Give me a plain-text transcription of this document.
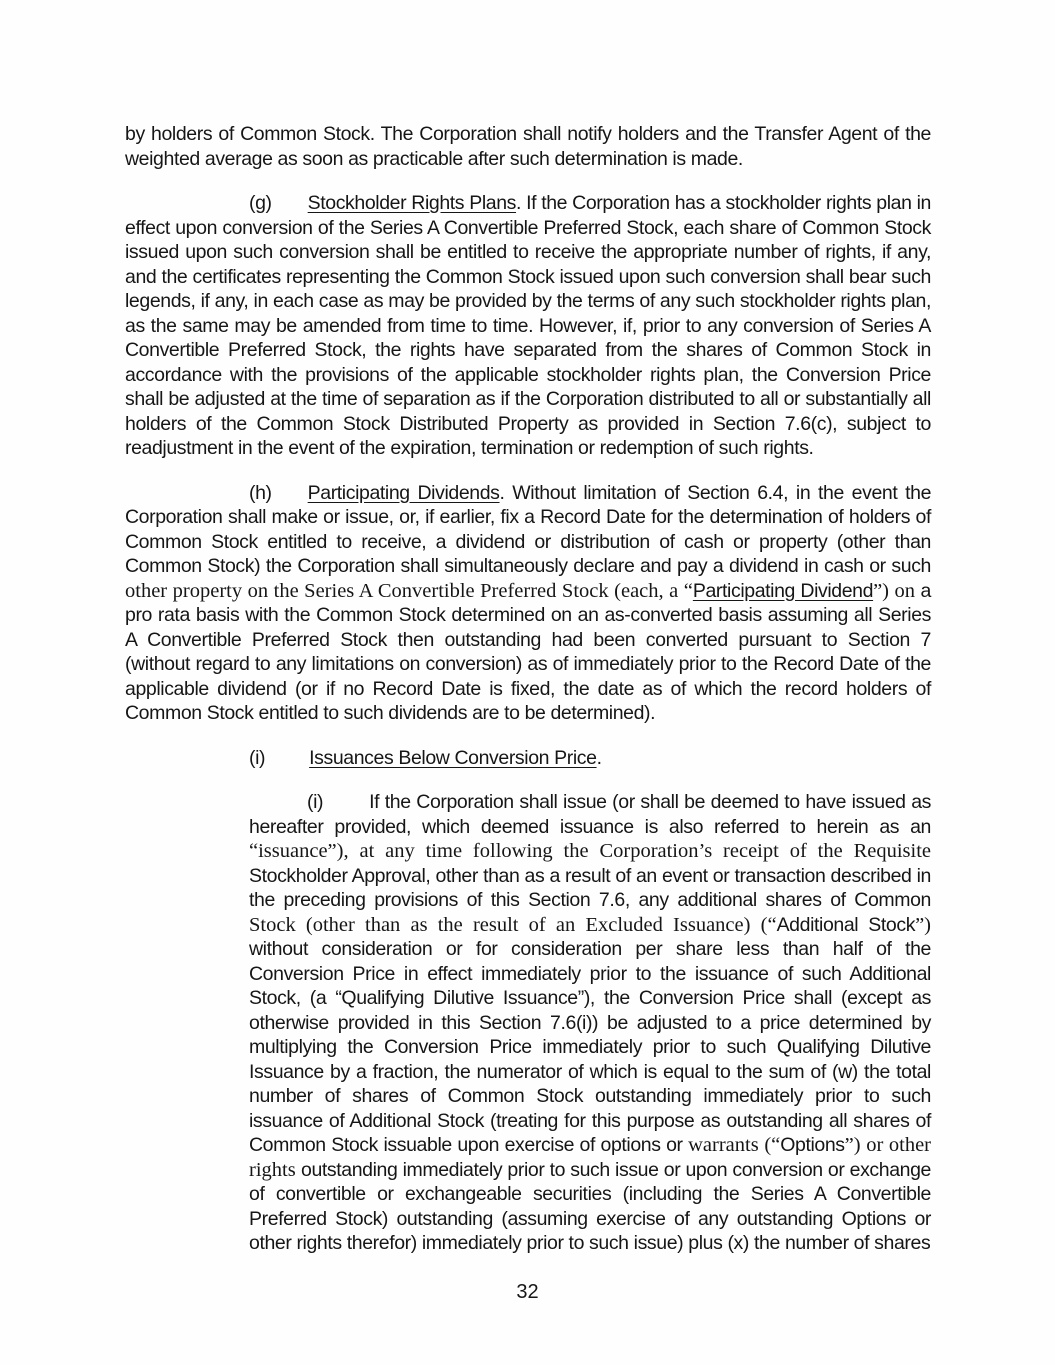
by holders of Common Stock. The Corporation shall notify holders and the Transfer Agent of the weighted average as soon as practicable after such determination is made.

(g) Stockholder Rights Plans. If the Corporation has a stockholder rights plan in effect upon conversion of the Series A Convertible Preferred Stock, each share of Common Stock issued upon such conversion shall be entitled to receive the appropriate number of rights, if any, and the certificates representing the Common Stock issued upon such conversion shall bear such legends, if any, in each case as may be provided by the terms of any such stockholder rights plan, as the same may be amended from time to time. However, if, prior to any conversion of Series A Convertible Preferred Stock, the rights have separated from the shares of Common Stock in accordance with the provisions of the applicable stockholder rights plan, the Conversion Price shall be adjusted at the time of separation as if the Corporation distributed to all or substantially all holders of the Common Stock Distributed Property as provided in Section 7.6(c), subject to readjustment in the event of the expiration, termination or redemption of such rights.

(h) Participating Dividends. Without limitation of Section 6.4, in the event the Corporation shall make or issue, or, if earlier, fix a Record Date for the determination of holders of Common Stock entitled to receive, a dividend or distribution of cash or property (other than Common Stock) the Corporation shall simultaneously declare and pay a dividend in cash or such other property on the Series A Convertible Preferred Stock (each, a “Participating Dividend”) on a pro rata basis with the Common Stock determined on an as-converted basis assuming all Series A Convertible Preferred Stock then outstanding had been converted pursuant to Section 7 (without regard to any limitations on conversion) as of immediately prior to the Record Date of the applicable dividend (or if no Record Date is fixed, the date as of which the record holders of Common Stock entitled to such dividends are to be determined).

(i) Issuances Below Conversion Price.

(i) If the Corporation shall issue (or shall be deemed to have issued as hereafter provided, which deemed issuance is also referred to herein as an “issuance”), at any time following the Corporation’s receipt of the Requisite Stockholder Approval, other than as a result of an event or transaction described in the preceding provisions of this Section 7.6, any additional shares of Common Stock (other than as the result of an Excluded Issuance) (“Additional Stock”) without consideration or for consideration per share less than half of the Conversion Price in effect immediately prior to the issuance of such Additional Stock, (a “Qualifying Dilutive Issuance”), the Conversion Price shall (except as otherwise provided in this Section 7.6(i)) be adjusted to a price determined by multiplying the Conversion Price immediately prior to such Qualifying Dilutive Issuance by a fraction, the numerator of which is equal to the sum of (w) the total number of shares of Common Stock outstanding immediately prior to such issuance of Additional Stock (treating for this purpose as outstanding all shares of Common Stock issuable upon exercise of options or warrants (“Options”) or other rights outstanding immediately prior to such issue or upon conversion or exchange of convertible or exchangeable securities (including the Series A Convertible Preferred Stock) outstanding (assuming exercise of any outstanding Options or other rights therefor) immediately prior to such issue) plus (x) the number of shares

32
